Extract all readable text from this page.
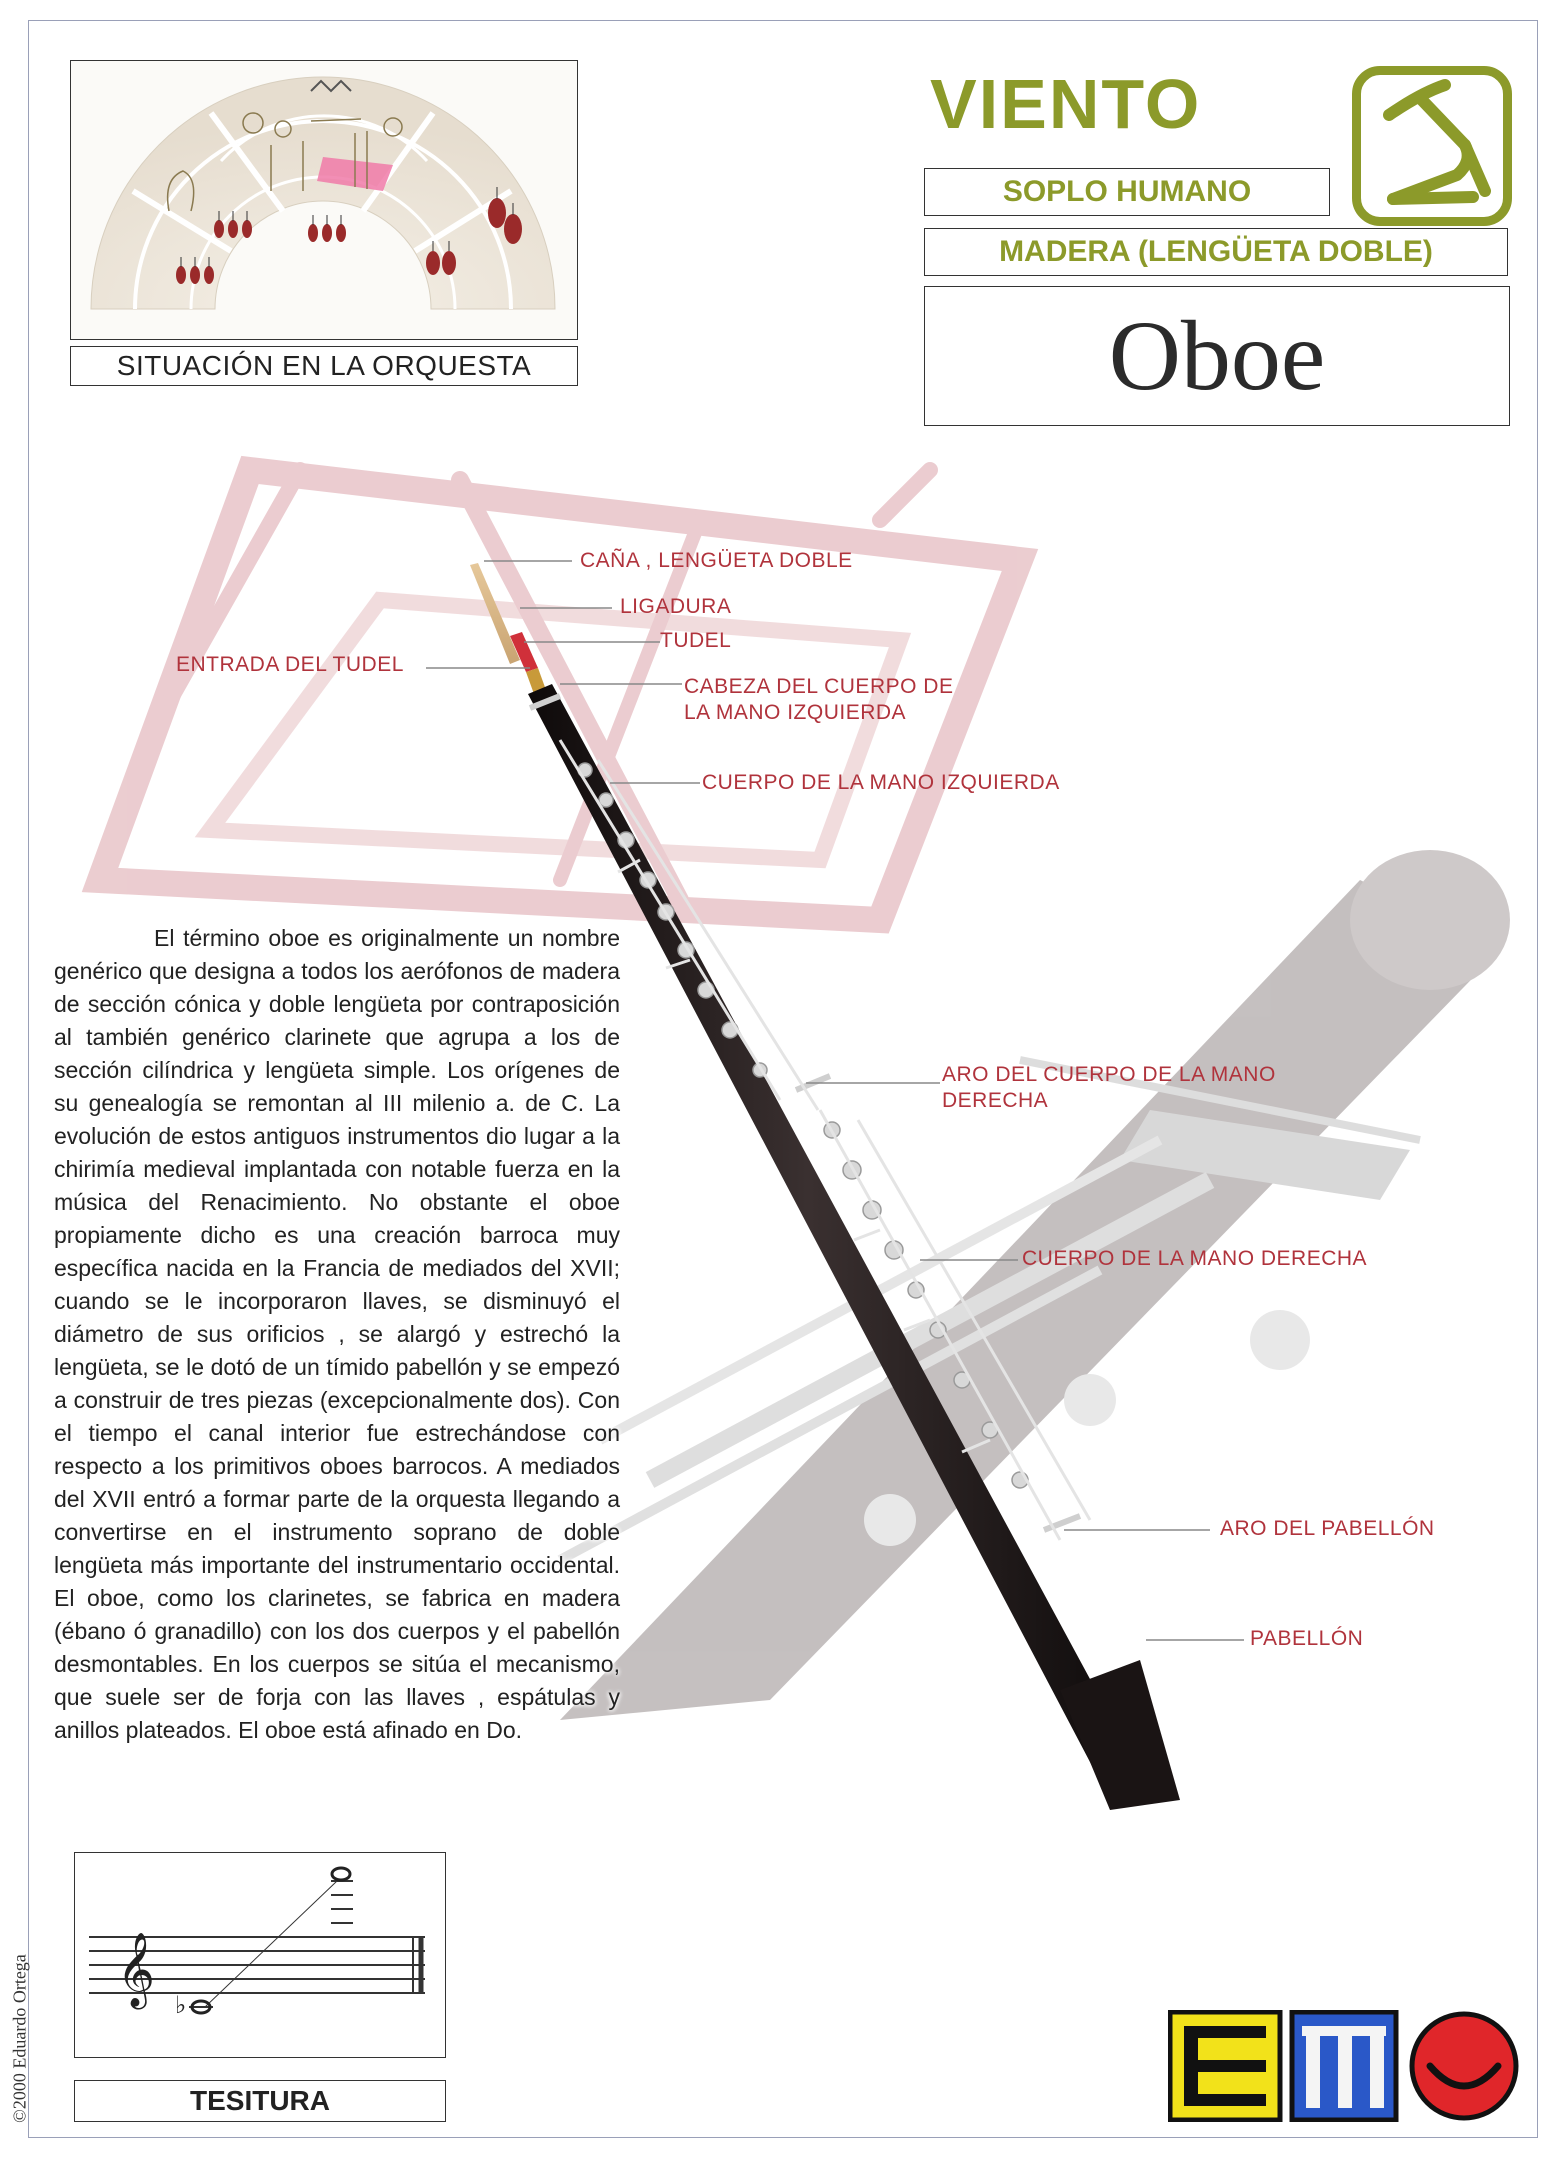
SITUACIÓN EN LA ORQUESTA
VIENTO
SOPLO HUMANO
MADERA (LENGÜETA DOBLE)
Oboe
CAÑA , LENGÜETA DOBLE
LIGADURA
TUDEL
ENTRADA DEL TUDEL
CABEZA DEL CUERPO DE
LA MANO IZQUIERDA
CUERPO DE LA MANO IZQUIERDA
ARO DEL CUERPO DE LA MANO
DERECHA
CUERPO DE LA MANO DERECHA
ARO DEL PABELLÓN
PABELLÓN

El término oboe es originalmente un nombre genérico que designa a todos los aerófonos de madera de sección cónica y doble lengüeta por contraposición al también genérico clarinete que agrupa a los de sección cilíndrica y lengüeta simple. Los orígenes de su genealogía se remontan al III milenio a. de C. La evolución de estos antiguos instrumentos dio lugar a la chirimía medieval implantada con notable fuerza en la música del Renacimiento. No obstante el oboe propiamente dicho es una creación barroca muy específica nacida en la Francia de mediados del XVII; cuando se le incorporaron llaves, se disminuyó el diámetro de sus orificios , se alargó y estrechó la lengüeta, se le dotó de un tímido pabellón y se empezó a construir de tres piezas (excepcionalmente dos). Con el tiempo el canal interior fue estrechándose con respecto a los primitivos oboes barrocos. A mediados del XVII entró a formar parte de la orquesta llegando a convertirse en el instrumento soprano de doble lengüeta más importante del instrumentario occidental. El oboe, como los clarinetes, se fabrica en madera (ébano ó granadillo) con los dos cuerpos y el pabellón desmontables. En los cuerpos se sitúa el mecanismo, que suele ser de forja con las llaves , espátulas y anillos plateados. El oboe está afinado en Do.

𝄞 ♭
TESITURA
©2000 Eduardo Ortega
